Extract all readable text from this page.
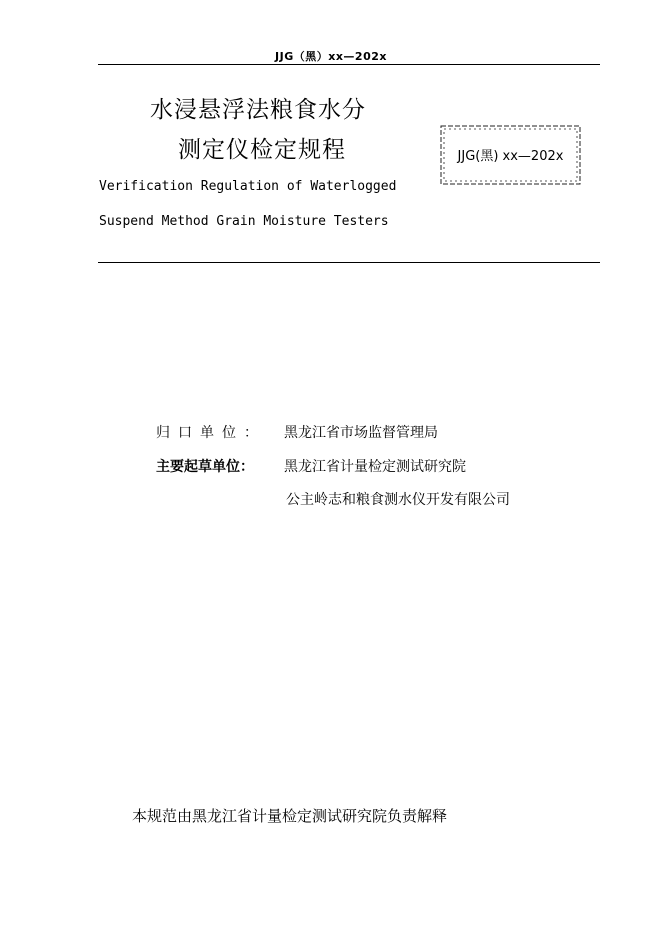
JJG（黑）xx—202x
水浸悬浮法粮食水分
测定仪检定规程	JJG(黑) xx—202x
Verification Regulation of Waterlogged
Suspend Method Grain Moisture Testers
归口单位： 黑龙江省市场监督管理局
主要起草单位： 黑龙江省计量检定测试研究院
公主岭志和粮食测水仪开发有限公司
本规范由黑龙江省计量检定测试研究院负责解释
